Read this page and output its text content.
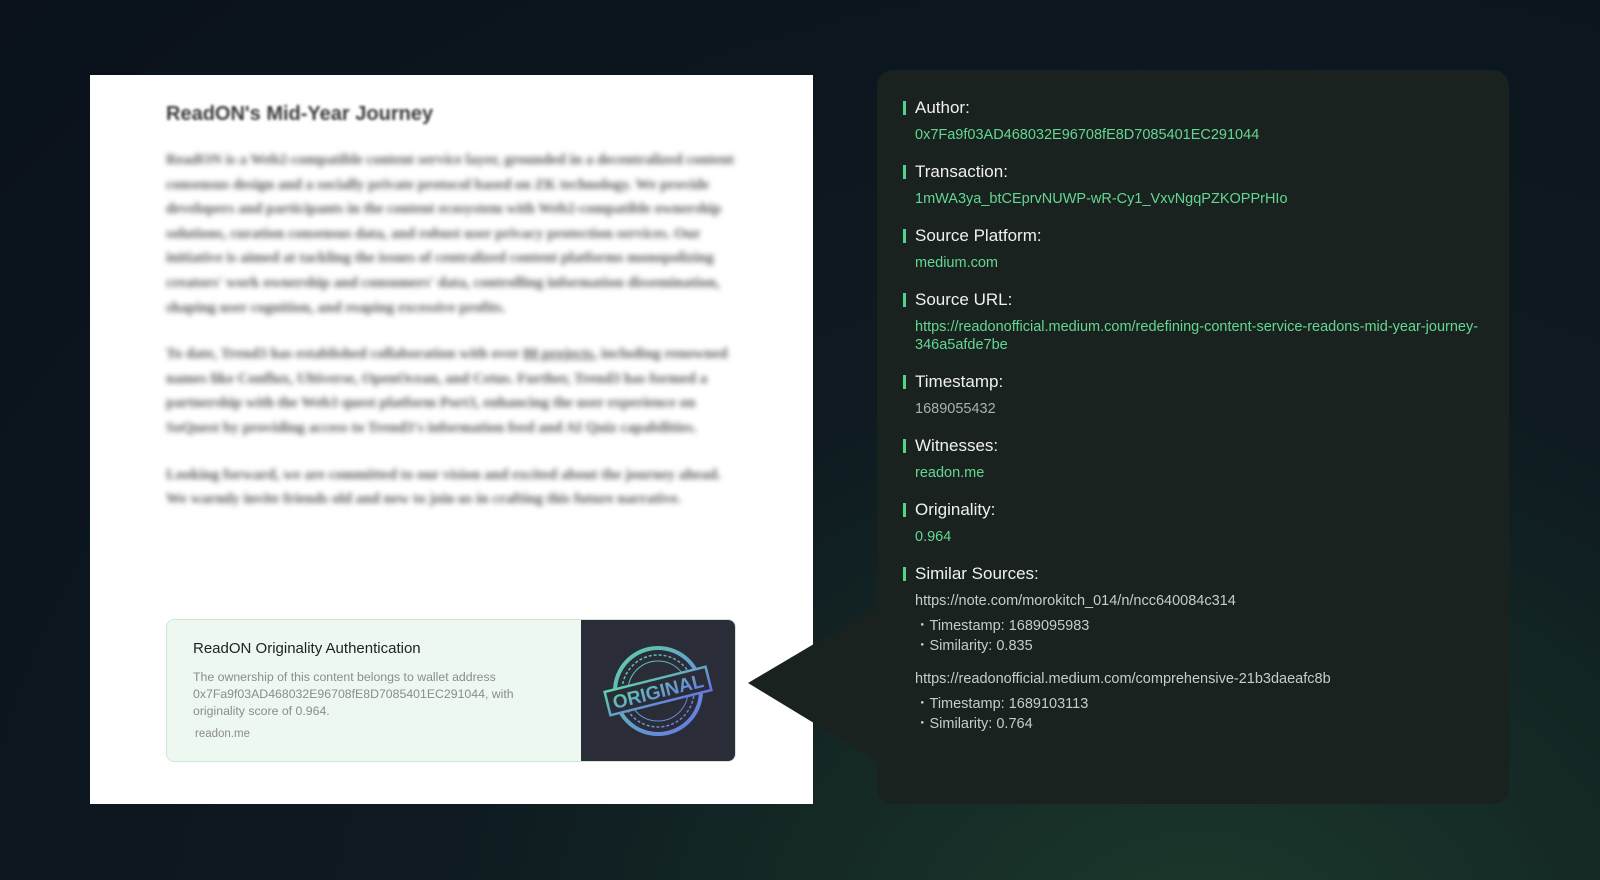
ReadON's Mid-Year Journey

ReadON is a Web2-compatible content service layer, grounded in a decentralized content consensus design and a socially private protocol based on ZK technology. We provide developers and participants in the content ecosystem with Web2-compatible ownership solutions, curation consensus data, and robust user privacy protection services. Our initiative is aimed at tackling the issues of centralized content platforms monopolizing creators' work ownership and consumers' data, controlling information dissemination, shaping user cognition, and reaping excessive profits.

To date, Trend3 has established collaboration with over 80 projects, including renowned names like Conflux, Ultiverse, OpenOcean, and Cetus. Further, Trend3 has formed a partnership with the Web3 quest platform Port3, enhancing the user experience on SoQuest by providing access to Trend3's information feed and AI Quiz capabilities.

Looking forward, we are committed to our vision and excited about the journey ahead. We warmly invite friends old and new to join us in crafting this future narrative.

ReadON Originality Authentication
The ownership of this content belongs to wallet address 0x7Fa9f03AD468032E96708fE8D7085401EC291044, with originality score of 0.964.
readon.me
ORIGINAL
Author:
0x7Fa9f03AD468032E96708fE8D7085401EC291044
Transaction:
1mWA3ya_btCEprvNUWP-wR-Cy1_VxvNgqPZKOPPrHIo
Source Platform:
medium.com
Source URL:
https://readonofficial.medium.com/redefining-content-service-readons-mid-year-journey-346a5afde7be
Timestamp:
1689055432
Witnesses:
readon.me
Originality:
0.964
Similar Sources:
https://note.com/morokitch_014/n/ncc640084c314
・Timestamp: 1689095983
・Similarity: 0.835
https://readonofficial.medium.com/comprehensive-21b3daeafc8b
・Timestamp: 1689103113
・Similarity: 0.764
